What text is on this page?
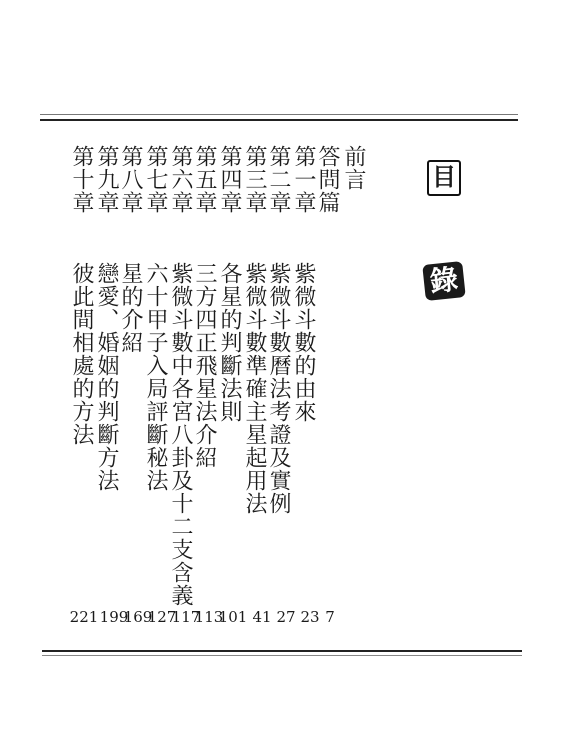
目
錄
前言
答問篇
第一章
第二章
第三章
第四章
第五章
第六章
第七章
第八章
第九章
第十章
紫微斗數的由來
紫微斗數曆法考證及實例
紫微斗數準確主星起用法
各星的判斷法則
三方四正飛星法介紹
紫微斗數中各宮八卦及十二支含義
六十甲子入局評斷秘法
星的介紹
戀愛、婚姻的判斷方法
彼此間相處的方法
221 199
169
127
117
113
101 41 27 23 7
